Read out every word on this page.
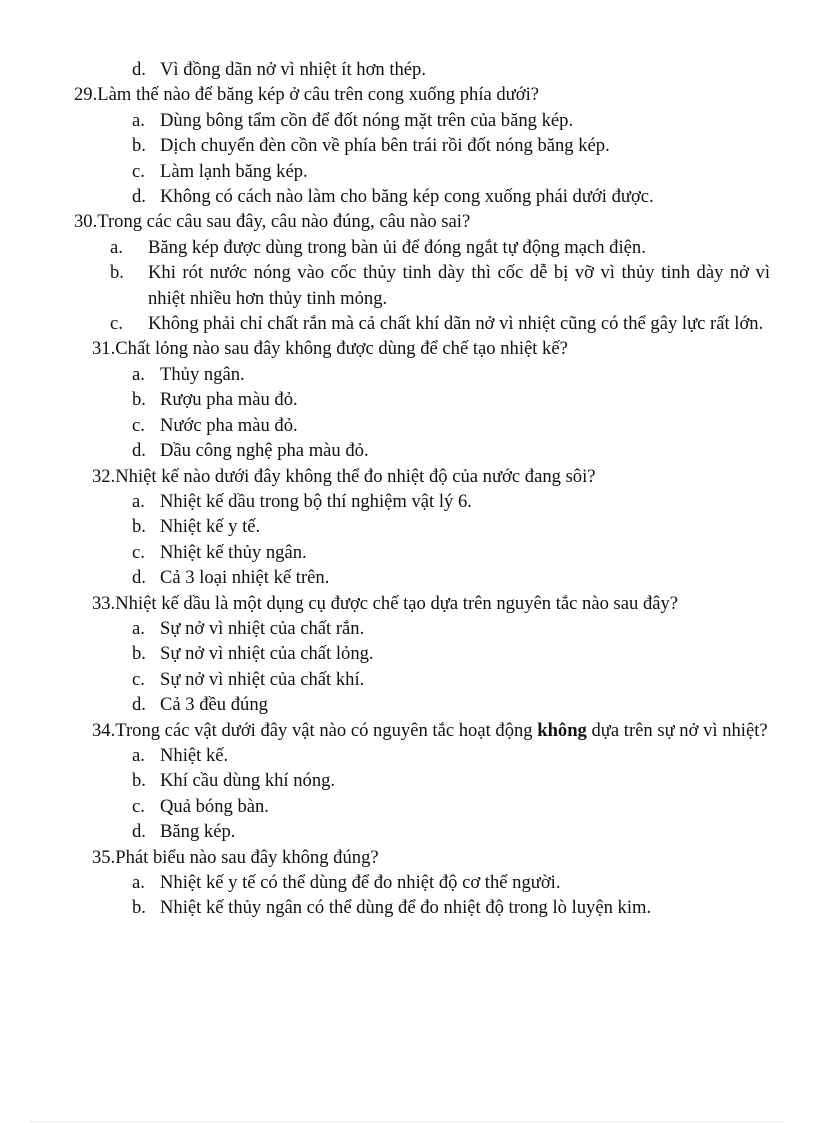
d. Vì đồng dãn nở vì nhiệt ít hơn thép.
29.Làm thế nào để băng kép ở câu trên cong xuống phía dưới?
a. Dùng bông tẩm cồn để đốt nóng mặt trên của băng kép.
b. Dịch chuyển đèn cồn về phía bên trái rồi đốt nóng băng kép.
c. Làm lạnh băng kép.
d. Không có cách nào làm cho băng kép cong xuống phái dưới được.
30.Trong các câu sau đây, câu nào đúng, câu nào sai?
a.	Băng kép được dùng trong bàn ủi để đóng ngắt tự động mạch điện.
b.	Khi rót nước nóng vào cốc thủy tinh dày thì cốc dễ bị vỡ vì thủy tinh dày nở vì nhiệt nhiều hơn thủy tinh mỏng.
c.	Không phải chỉ chất rắn mà cả chất khí dãn nở vì nhiệt cũng có thể gây lực rất lớn.
31.Chất lỏng nào sau đây không được dùng để chế tạo nhiệt kế?
a. Thủy ngân.
b. Rượu pha màu đỏ.
c. Nước pha màu đỏ.
d. Dầu công nghệ pha màu đỏ.
32.Nhiệt kế nào dưới đây không thể đo nhiệt độ của nước đang sôi?
a. Nhiệt kế dầu trong bộ thí nghiệm vật lý 6.
b. Nhiệt kế y tế.
c. Nhiệt kế thủy ngân.
d. Cả 3 loại nhiệt kế trên.
33.Nhiệt kế dầu là một dụng cụ được chế tạo dựa trên nguyên tắc nào sau đây?
a. Sự nở vì nhiệt của chất rắn.
b. Sự nở vì nhiệt của chất lỏng.
c. Sự nở vì nhiệt của chất khí.
d. Cả 3 đều đúng
34.Trong các vật dưới đây vật nào có nguyên tắc hoạt động không dựa trên sự nở vì nhiệt?
a. Nhiệt kế.
b. Khí cầu dùng khí nóng.
c. Quả bóng bàn.
d. Băng kép.
35.Phát biểu nào sau đây không đúng?
a. Nhiệt kế y tế có thể dùng để đo nhiệt độ cơ thể người.
b. Nhiệt kế thủy ngân có thể dùng để đo nhiệt độ trong lò luyện kim.
